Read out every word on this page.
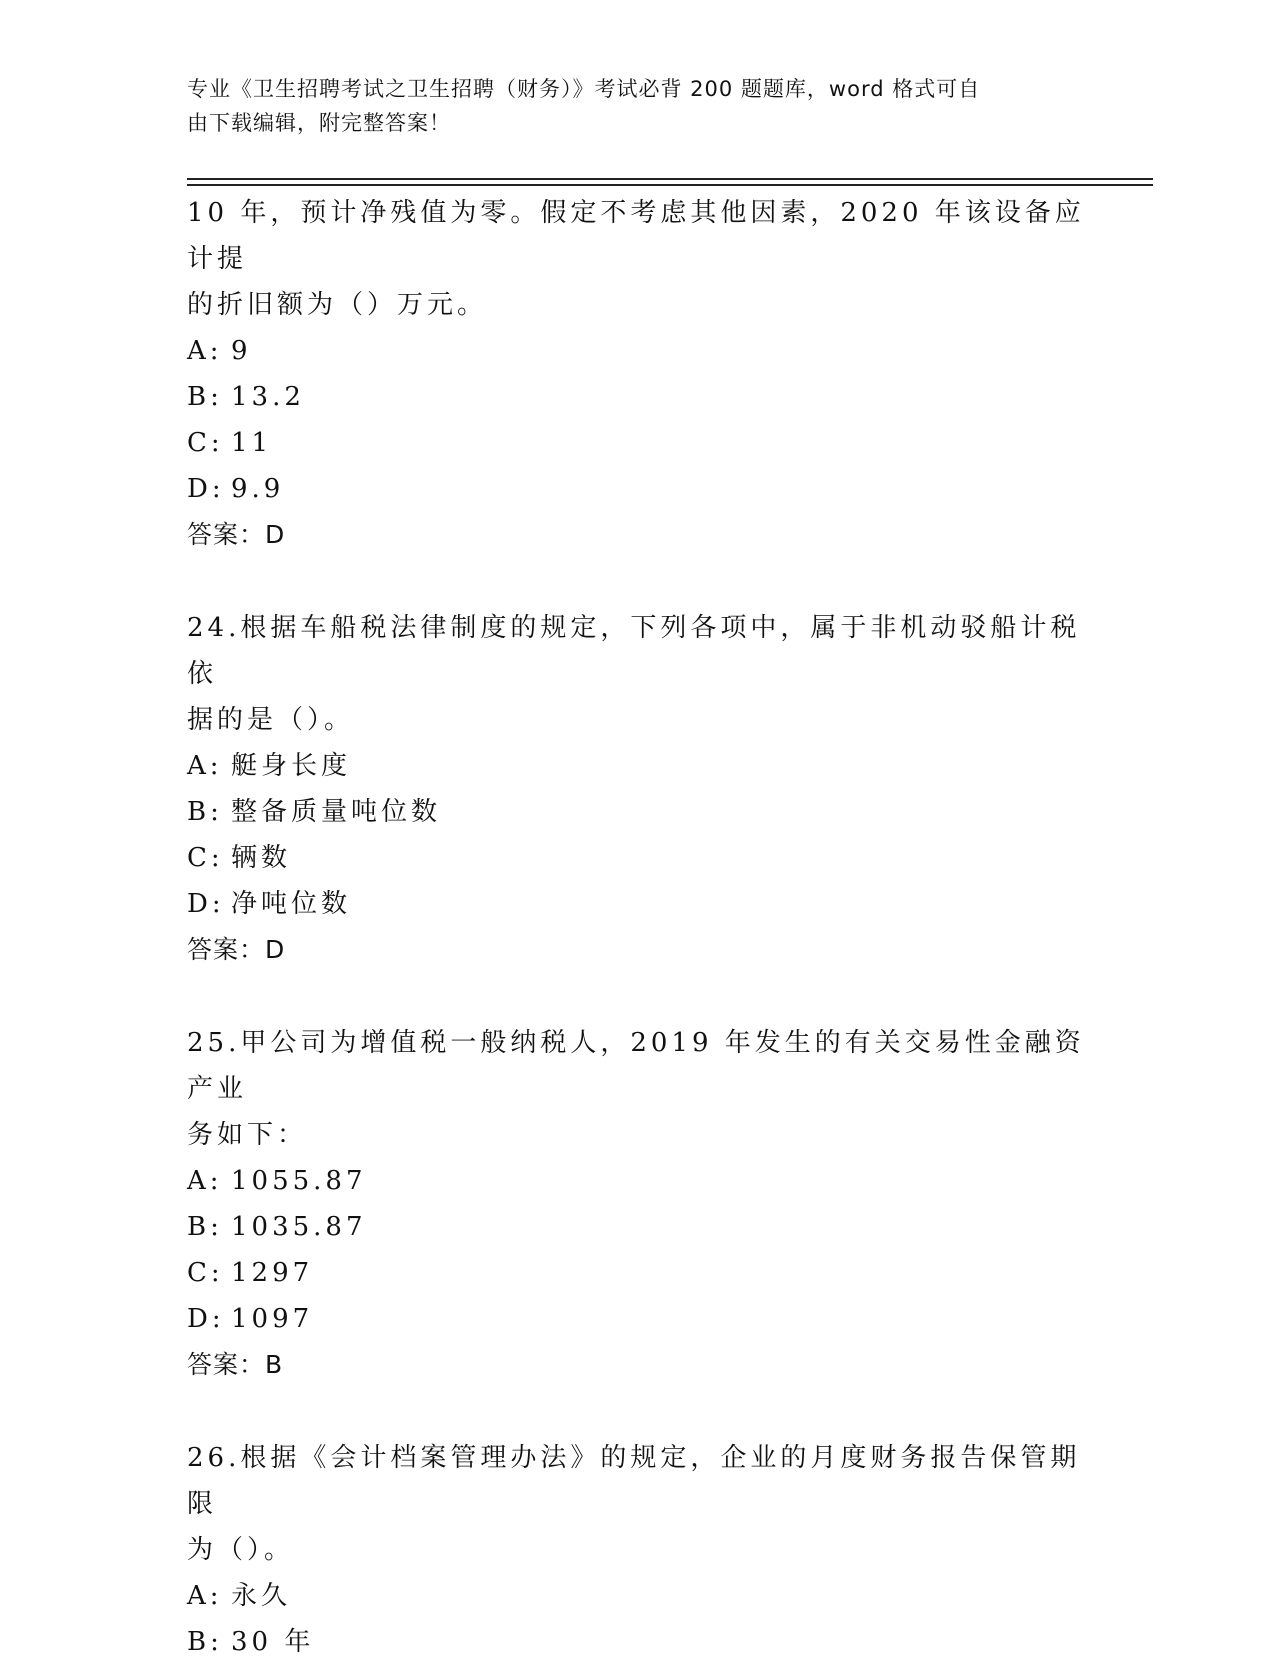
专业《卫生招聘考试之卫生招聘（财务）》考试必背 200 题题库，word 格式可自
由下载编辑，附完整答案！
10 年，预计净残值为零。假定不考虑其他因素，2020 年该设备应计提
的折旧额为（）万元。
A: 9
B: 13.2
C: 11
D: 9.9
答案：D
24.根据车船税法律制度的规定，下列各项中，属于非机动驳船计税依
据的是（）。
A: 艇身长度
B: 整备质量吨位数
C: 辆数
D: 净吨位数
答案：D
25.甲公司为增值税一般纳税人，2019 年发生的有关交易性金融资产业
务如下：
A: 1055.87
B: 1035.87
C: 1297
D: 1097
答案：B
26.根据《会计档案管理办法》的规定，企业的月度财务报告保管期限
为（）。
A: 永久
B: 30 年
